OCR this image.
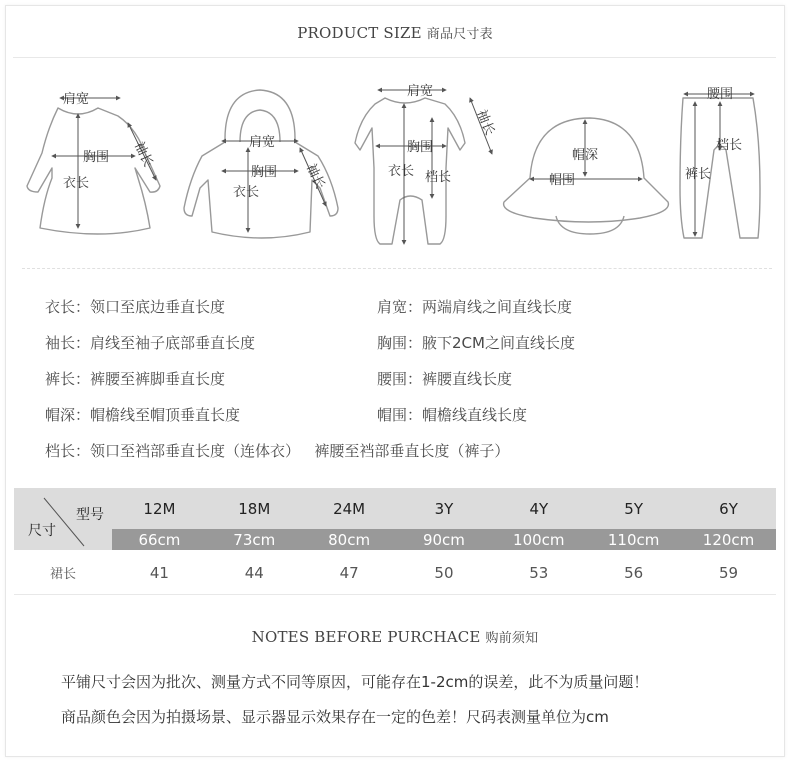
PRODUCT SIZE 商品尺寸表
肩宽
胸围
衣长
袖长	肩宽
胸围
衣长
袖长
肩宽
胸围
衣长 档长
袖长
帽深
帽围
腰围
档长
裤长
衣长：领口至底边垂直长度
袖长：肩线至袖子底部垂直长度
裤长：裤腰至裤脚垂直长度
帽深：帽檐线至帽顶垂直长度
档长：领口至裆部垂直长度（连体衣）   裤腰至裆部垂直长度（裤子）
肩宽：两端肩线之间直线长度
胸围：腋下2CM之间直线长度
腰围：裤腰直线长度
帽围：帽檐线直线长度
型号
尺寸	12M	18M	24M	3Y	4Y	5Y	6Y
	66cm	73cm	80cm	90cm	100cm	110cm	120cm
裙长	41	44	47	50	53	56	59
NOTES BEFORE PURCHACE 购前须知
平铺尺寸会因为批次、测量方式不同等原因，可能存在1-2cm的误差，此不为质量问题！
商品颜色会因为拍摄场景、显示器显示效果存在一定的色差！尺码表测量单位为cm
